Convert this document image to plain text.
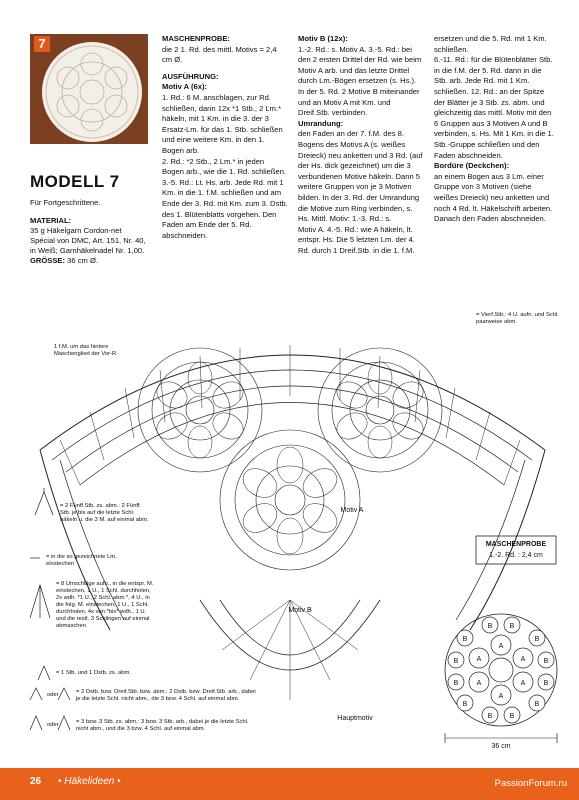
7
MODELL 7

Für Fortgeschrittene.

MATERIAL:

35 g Häkelgarn Cordon-net Spécial von DMC, Art. 151, Nr. 40, in Weiß; Garnhäkelnadel Nr. 1,00.

GRÖSSE: 36 cm Ø.

MASCHENPROBE:

die 2 1. Rd. des mittl. Motivs = 2,4 cm Ø.

AUSFÜHRUNG:

Motiv A (6x):

1. Rd.: 6 M. anschlagen, zur Rd. schließen, darin 12x *1 Stb., 2 Lm.* häkeln, mit 1 Km. in die 3. der 3 Ersatz-Lm. für das 1. Stb. schließen und eine weitere Km. in den 1. Bogen arb.

2. Rd.: *2 Stb., 2 Lm.* in jeden Bogen arb., wie die 1. Rd. schließen.

3.-5. Rd.: Lt. Hs. arb. Jede Rd. mit 1 Km. in die 1. f.M. schließen und am Ende der 3. Rd. mit Km. zum 3. Dstb. des 1. Blütenblatts vorgehen. Den Faden am Ende der 5. Rd. abschneiden.

Motiv B (12x):

1.-2. Rd.: s. Motiv A. 3.-5. Rd.: bei den 2 ersten Drittel der Rd. wie beim Motiv A arb. und das letzte Drittel durch Lm.-Bögen ersetzen (s. Hs.). In der 5. Rd. 2 Motive B miteinander und an Motiv A mit Km. und Dreif.Stb. verbinden.

Umrandung:

den Faden an der 7. f.M. des 8. Bogens des Motivs A (s. weißes Dreieck) neu anketten und 3 Rd. (auf der Hs. dick gezeichnet) um die 3 verbundenen Motive häkeln. Dann 5 weitere Gruppen von je 3 Motiven bilden. In der 3. Rd. der Umrandung die Motive zum Ring verbinden, s. Hs. Mittl. Motiv: 1.-3. Rd.: s.

Motiv A. 4.-5. Rd.: wie A häkeln, lt. entspr. Hs. Die 5 letzten Lm. der 4. Rd. durch 1 Dreif.Stb. in die 1. f.M.

ersetzen und die 5. Rd. mit 1 Km. schließen.

6.-11. Rd.: für die Blütenblätter Stb. in die f.M. der 5. Rd. dann in die Stb. arb. Jede Rd. mit 1 Km. schließen. 12. Rd.: an der Spitze der Blätter je 3 Stb. zs. abm. und gleichzeitig das mittl. Motiv mit den 6 Gruppen aus 3 Motiven A und B verbinden, s. Hs. Mit 1 Km. in die 1. Stb.-Gruppe schließen und den Faden abschneiden.

Bordüre (Deckchen):

an einem Bogen aus 3 Lm. einer Gruppe von 3 Motiven (siehe weißes Dreieck) neu anketten und noch 4 Rd. lt. Häkelschrift arbeiten. Danach den Faden abschneiden.

A
A
A
A
A
A
B B
B
B
B
B
B
B
B
B
B
B
36 cm
MASCHENPROBE
1.-2. Rd. : 2,4 cm
Motiv A
Motiv B
Hauptmotiv
1 f.M. um das hintere Maschenglied der Vor-R.
= Vierf.Stb.: 4 U. aufn. und Schl. paarweise abm.
= 2 Fünff.Stb. zs. abm.: 2 Fünff. Stb. je bis auf die letzte Schl. häkeln u. die 3 M. auf einmal abm.
= in die so gezeichnete Lm. einstechen
= 8 Umschläge aufn., in die entspr. M. einstechen, 1 U., 1 Schl. durchholen, 2x wdh. *1 U., 2 Schl. abm.*, 4 U., in die folg. M. einstechen, 1 U., 1 Schl. durchholen, 4x von *bis* wdh., 1 U. und die restl. 3 Schlingen auf einmal abmaschen
= 1 Stb. und 1 Dstb. zs. abm.
oder	= 2 Dstb. bzw. Dreif.Stb. bzw. abm.: 2 Dstb. bzw. Dreif.Stb. arb., dabei je die letzte Schl. nicht abm., die 3 bzw. 4 Schl. auf einmal abm.
oder	= 3 bzw. 3 Stb. zs. abm.: 3 bzw. 3 Stb. arb., dabei je die letzte Schl. nicht abm., und die 3 bzw. 4 Schl. auf einmal abm.
26 • Häkelideen •	PassionForum.ru
